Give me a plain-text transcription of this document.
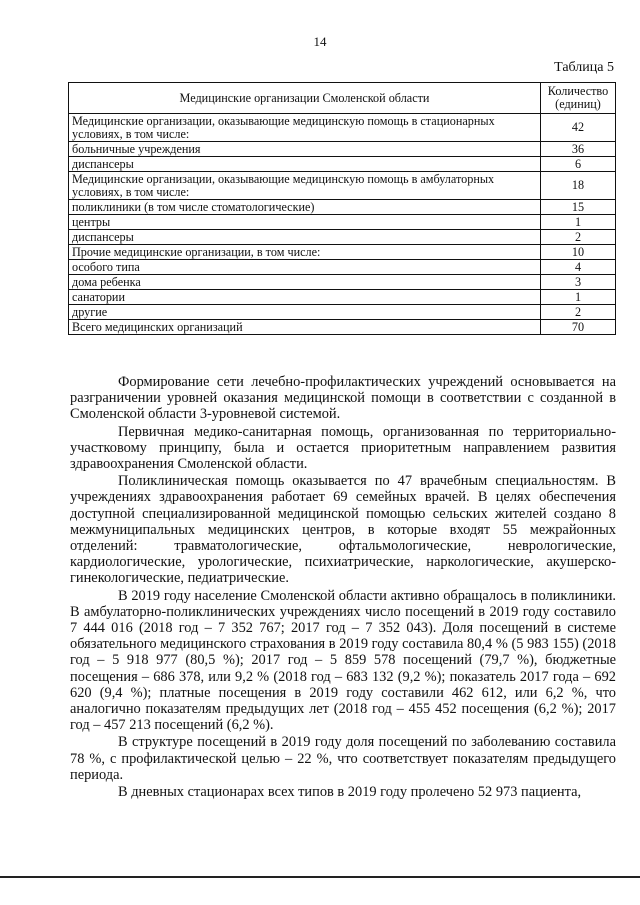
14
Таблица 5
Медицинские организации Смоленской области	Количество (единиц)
Медицинские организации, оказывающие медицинскую помощь в стационарных условиях, в том числе:	42
больничные учреждения	36
диспансеры	6
Медицинские организации, оказывающие медицинскую помощь в амбулаторных условиях, в том числе:	18
поликлиники (в том числе стоматологические)	15
центры	1
диспансеры	2
Прочие медицинские организации, в том числе:	10
особого типа	4
дома ребенка	3
санатории	1
другие	2
Всего медицинских организаций	70

Формирование сети лечебно-профилактических учреждений основывается на разграничении уровней оказания медицинской помощи в соответствии с созданной в Смоленской области 3-уровневой системой.

Первичная медико-санитарная помощь, организованная по территориально-участковому принципу, была и остается приоритетным направлением развития здравоохранения Смоленской области.

Поликлиническая помощь оказывается по 47 врачебным специальностям. В учреждениях здравоохранения работает 69 семейных врачей. В целях обеспечения доступной специализированной медицинской помощью сельских жителей создано 8 межмуниципальных медицинских центров, в которые входят 55 межрайонных отделений: травматологические, офтальмологические, неврологические, кардиологические, урологические, психиатрические, наркологические, акушерско-гинекологические, педиатрические.

В 2019 году население Смоленской области активно обращалось в поликлиники. В амбулаторно-поликлинических учреждениях число посещений в 2019 году составило 7 444 016 (2018 год – 7 352 767; 2017 год – 7 352 043). Доля посещений в системе обязательного медицинского страхования в 2019 году составила 80,4 % (5 983 155) (2018 год – 5 918 977 (80,5 %); 2017 год – 5 859 578 посещений (79,7 %), бюджетные посещения – 686 378, или 9,2 % (2018 год – 683 132 (9,2 %); показатель 2017 года – 692 620 (9,4 %); платные посещения в 2019 году составили 462 612, или 6,2 %, что аналогично показателям предыдущих лет (2018 год – 455 452 посещения (6,2 %); 2017 год – 457 213 посещений (6,2 %).

В структуре посещений в 2019 году доля посещений по заболеванию составила 78 %, с профилактической целью – 22 %, что соответствует показателям предыдущего периода.

В дневных стационарах всех типов в 2019 году пролечено 52 973 пациента,
